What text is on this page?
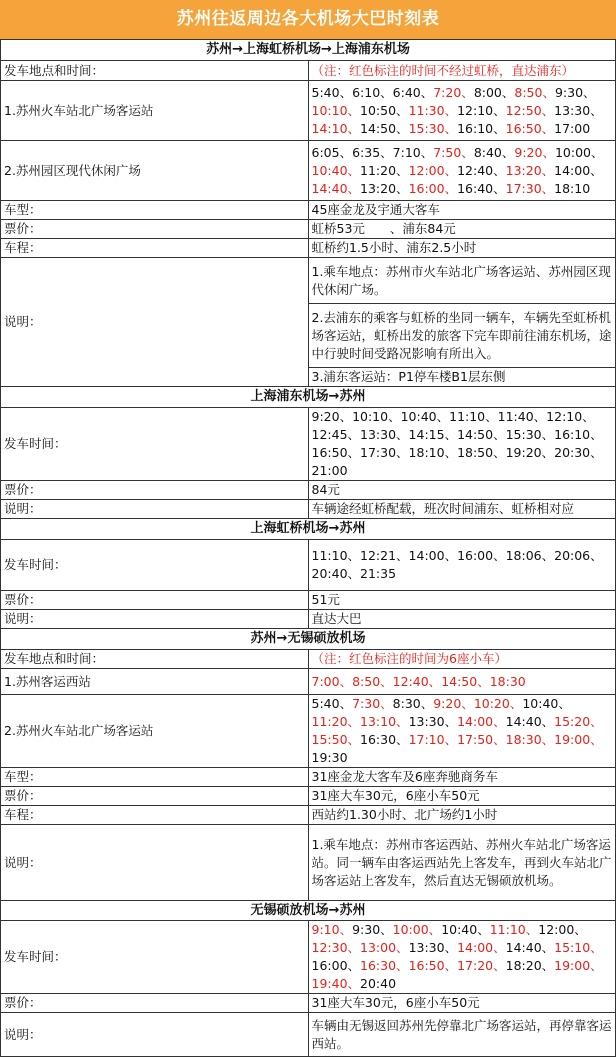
苏州往返周边各大机场大巴时刻表
苏州→上海虹桥机场→上海浦东机场	
发车地点和时间：	（注：红色标注的时间不经过虹桥，直达浦东）
1.苏州火车站北广场客运站	5:40、6:10、6:40、7:20、8:00、8:50、9:30、10:10、10:50、11:30、12:10、12:50、13:30、14:10、14:50、15:30、16:10、16:50、17:00
2.苏州园区现代休闲广场	6:05、6:35、7:10、7:50、8:40、9:20、10:00、10:40、11:20、12:00、12:40、13:20、14:00、14:40、13:20、16:00、16:40、17:30、18:10
车型：	45座金龙及宇通大客车
票价：	虹桥53元　　、浦东84元
车程：	虹桥约1.5小时、浦东2.5小时
说明：	1.乘车地点：苏州市火车站北广场客运站、苏州园区现代休闲广场。
	2.去浦东的乘客与虹桥的坐同一辆车，车辆先至虹桥机场客运站，虹桥出发的旅客下完车即前往浦东机场，途中行驶时间受路况影响有所出入。
	3.浦东客运站：P1停车楼B1层东侧
上海浦东机场→苏州	
发车时间：	9:20、10:10、10:40、11:10、11:40、12:10、12:45、13:30、14:15、14:50、15:30、16:10、16:50、17:30、18:10、18:50、19:20、20:30、21:00
票价：	84元
说明：	车辆途经虹桥配载，班次时间浦东、虹桥相对应
上海虹桥机场→苏州	
发车时间：	11:10、12:21、14:00、16:00、18:06、20:06、20:40、21:35
票价：	51元
说明：	直达大巴
苏州→无锡硕放机场	
发车地点和时间：	（注：红色标注的时间为6座小车）
1.苏州客运西站	7:00、8:50、12:40、14:50、18:30
2.苏州火车站北广场客运站	5:40、7:30、8:30、9:20、10:20、10:40、11:20、13:10、13:30、14:00、14:40、15:20、15:50、16:30、17:10、17:50、18:30、19:00、19:30
车型：	31座金龙大客车及6座奔驰商务车
票价：	31座大车30元，6座小车50元
车程：	西站约1.30小时、北广场约1小时
说明：	1.乘车地点：苏州市客运西站、苏州火车站北广场客运站。同一辆车由客运西站先上客发车，再到火车站北广场客运站上客发车，然后直达无锡硕放机场。
无锡硕放机场→苏州	
发车时间：	9:10、9:30、10:00、10:40、11:10、12:00、12:30、13:00、13:30、14:00、14:40、15:10、16:00、16:30、16:50、17:20、18:20、19:00、19:40、20:40
票价：	31座大车30元，6座小车50元
说明：	车辆由无锡返回苏州先停靠北广场客运站，再停靠客运西站。
